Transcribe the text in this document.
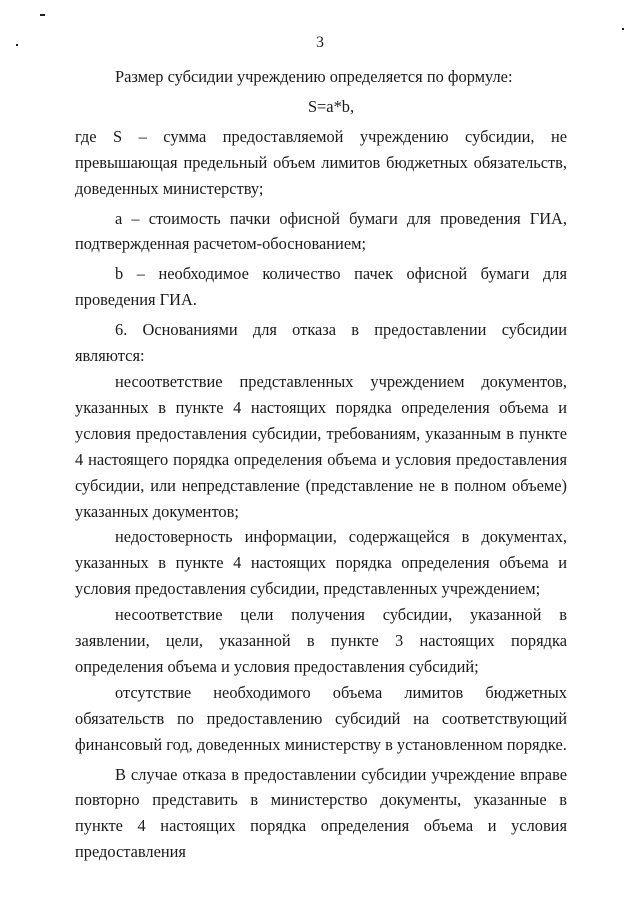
3

Размер субсидии учреждению определяется по формуле:

S=a*b,

где S – сумма предоставляемой учреждению субсидии, не превышающая предельный объем лимитов бюджетных обязательств, доведенных министерству;

а – стоимость пачки офисной бумаги для проведения ГИА, подтвержденная расчетом-обоснованием;

b – необходимое количество пачек офисной бумаги для проведения ГИА.

6. Основаниями для отказа в предоставлении субсидии являются:

несоответствие представленных учреждением документов, указанных в пункте 4 настоящих порядка определения объема и условия предоставления субсидии, требованиям, указанным в пункте 4 настоящего порядка определения объема и условия предоставления субсидии, или непредставление (представление не в полном объеме) указанных документов;

недостоверность информации, содержащейся в документах, указанных в пункте 4 настоящих порядка определения объема и условия предоставления субсидии, представленных учреждением;

несоответствие цели получения субсидии, указанной в заявлении, цели, указанной в пункте 3 настоящих порядка определения объема и условия предоставления субсидий;

отсутствие необходимого объема лимитов бюджетных обязательств по предоставлению субсидий на соответствующий финансовый год, доведенных министерству в установленном порядке.

В случае отказа в предоставлении субсидии учреждение вправе повторно представить в министерство документы, указанные в пункте 4 настоящих порядка определения объема и условия предоставления
